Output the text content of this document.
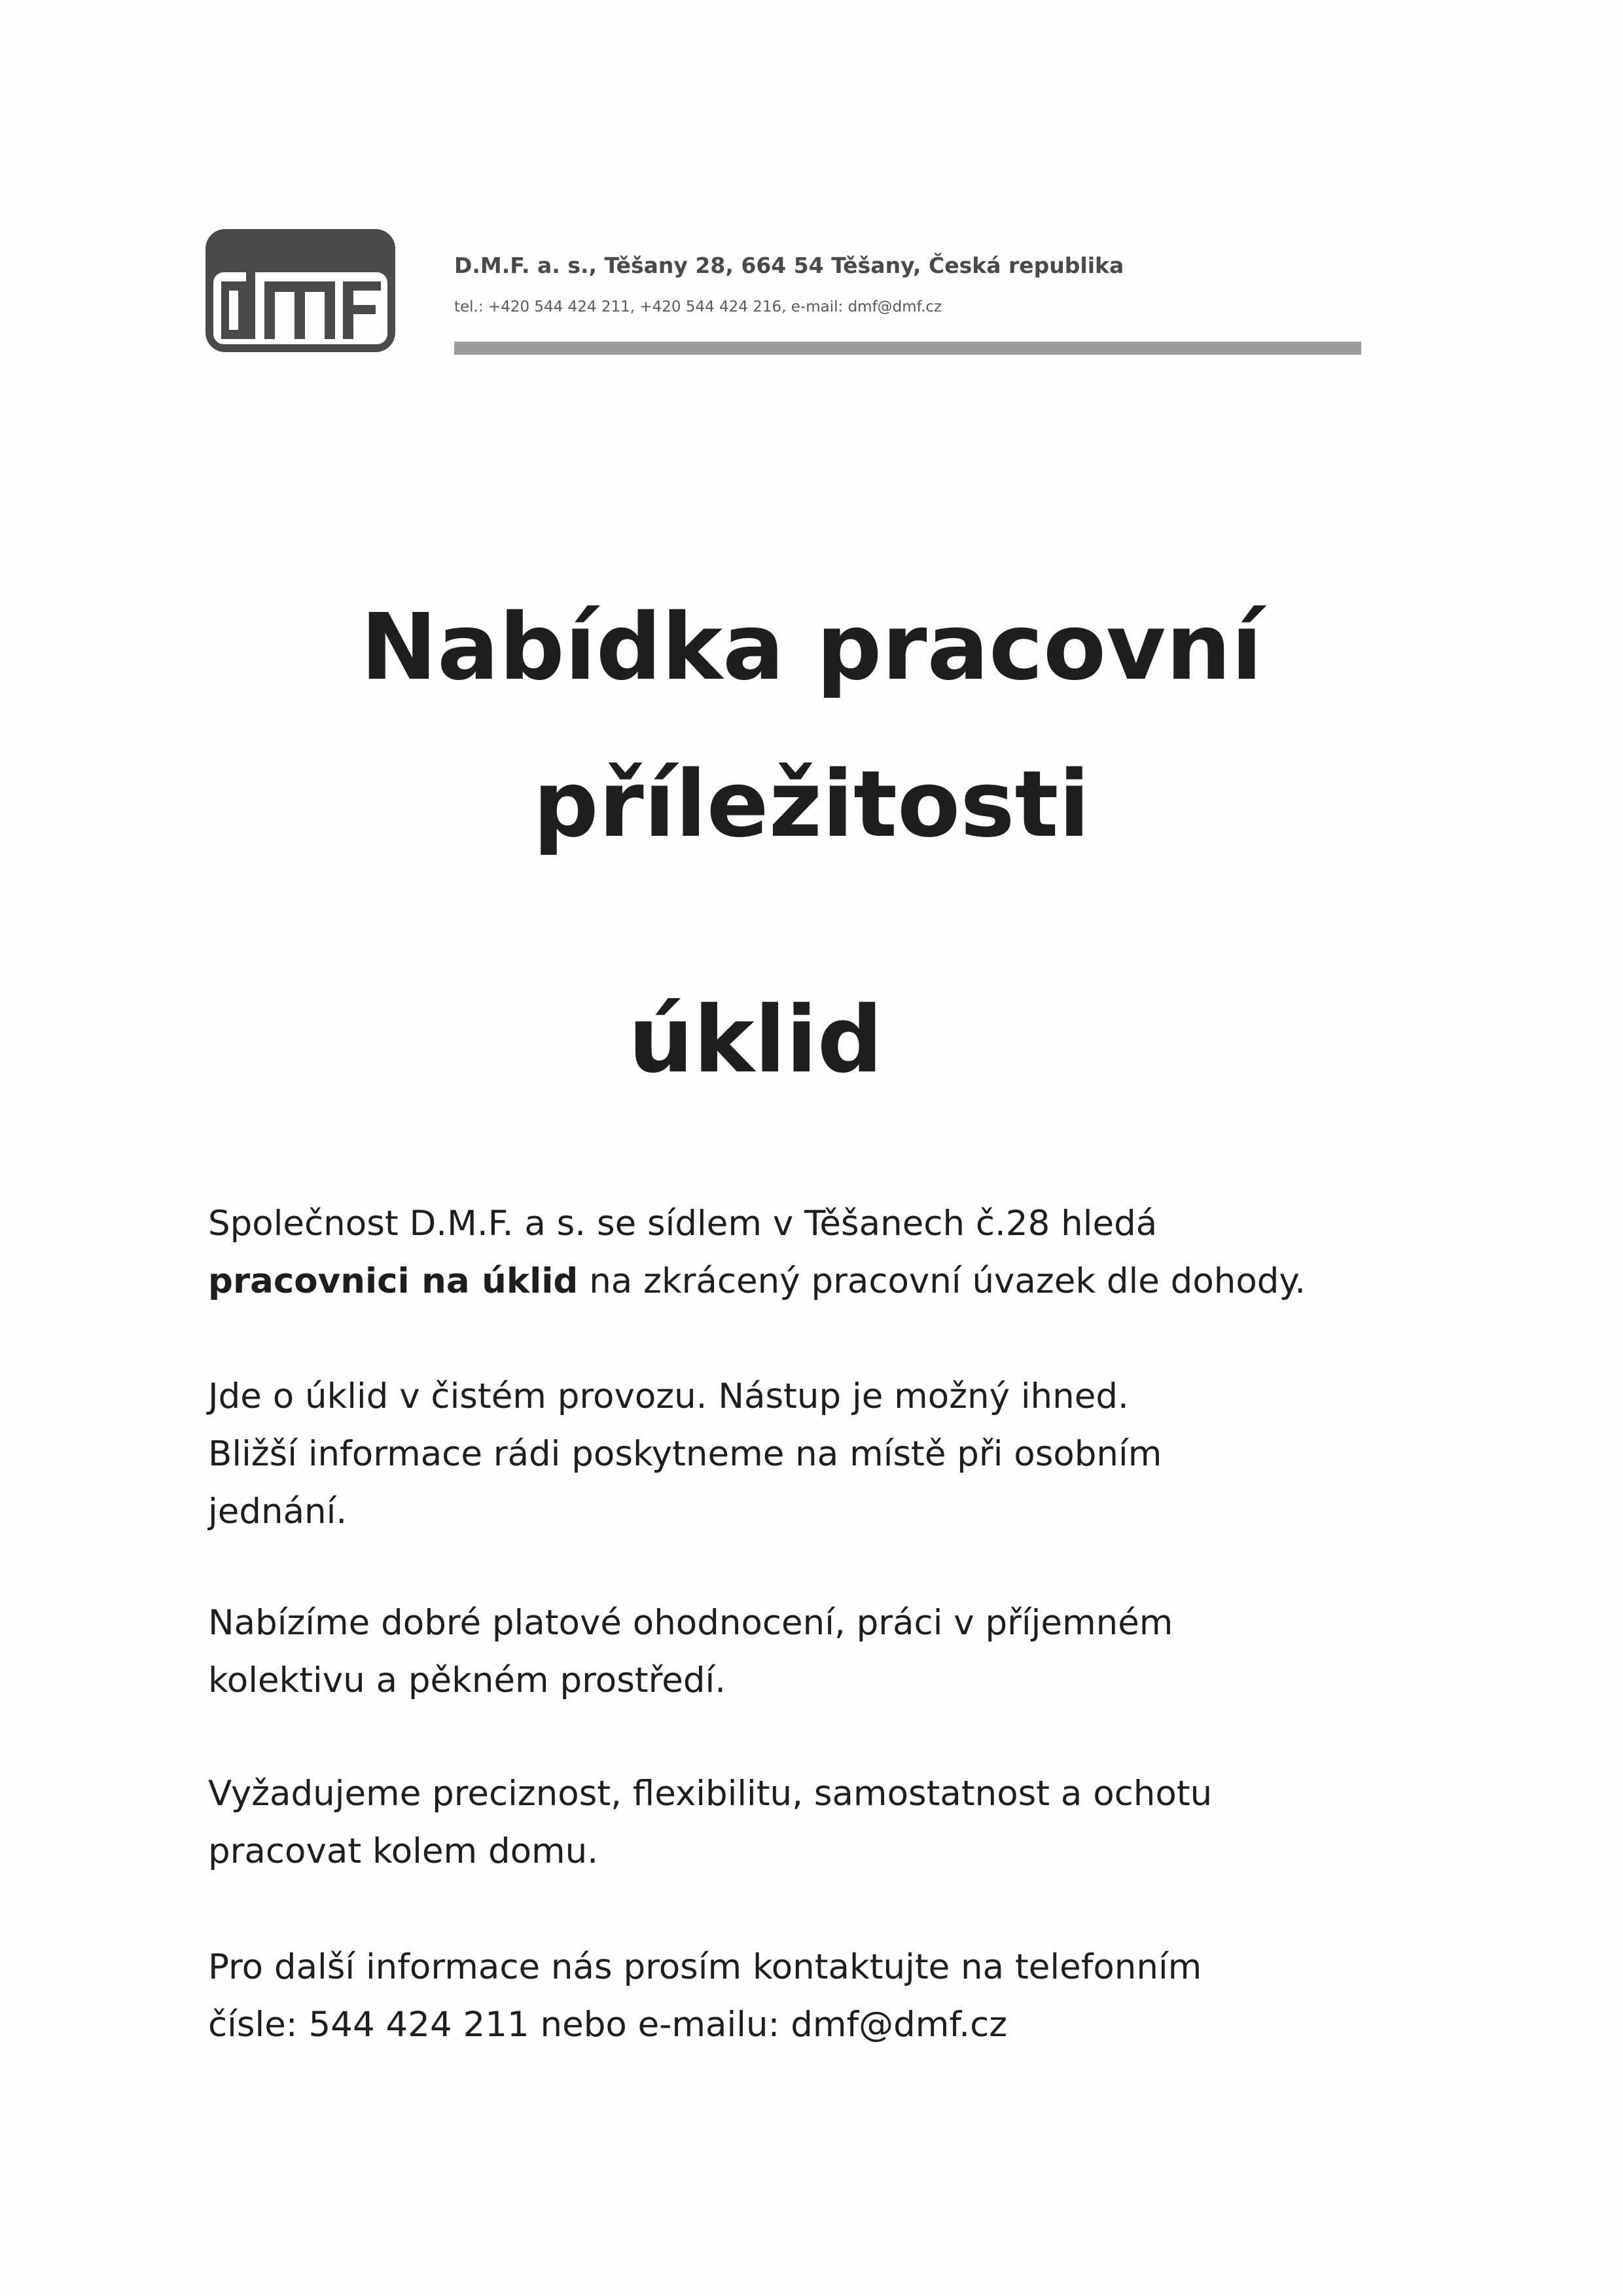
D.M.F. a. s., Těšany 28, 664 54 Těšany, Česká republika
tel.: +420 544 424 211, +420 544 424 216, e-mail: dmf@dmf.cz
Nabídka pracovní
příležitosti
úklid

Společnost D.M.F. a s. se sídlem v Těšanech č.28 hledá

pracovnici na úklid na zkrácený pracovní úvazek dle dohody.

Jde o úklid v čistém provozu. Nástup je možný ihned.

Bližší informace rádi poskytneme na místě při osobním

jednání.

Nabízíme dobré platové ohodnocení, práci v příjemném

kolektivu a pěkném prostředí.

Vyžadujeme preciznost, flexibilitu, samostatnost a ochotu

pracovat kolem domu.

Pro další informace nás prosím kontaktujte na telefonním

čísle: 544 424 211 nebo e-mailu: dmf@dmf.cz
